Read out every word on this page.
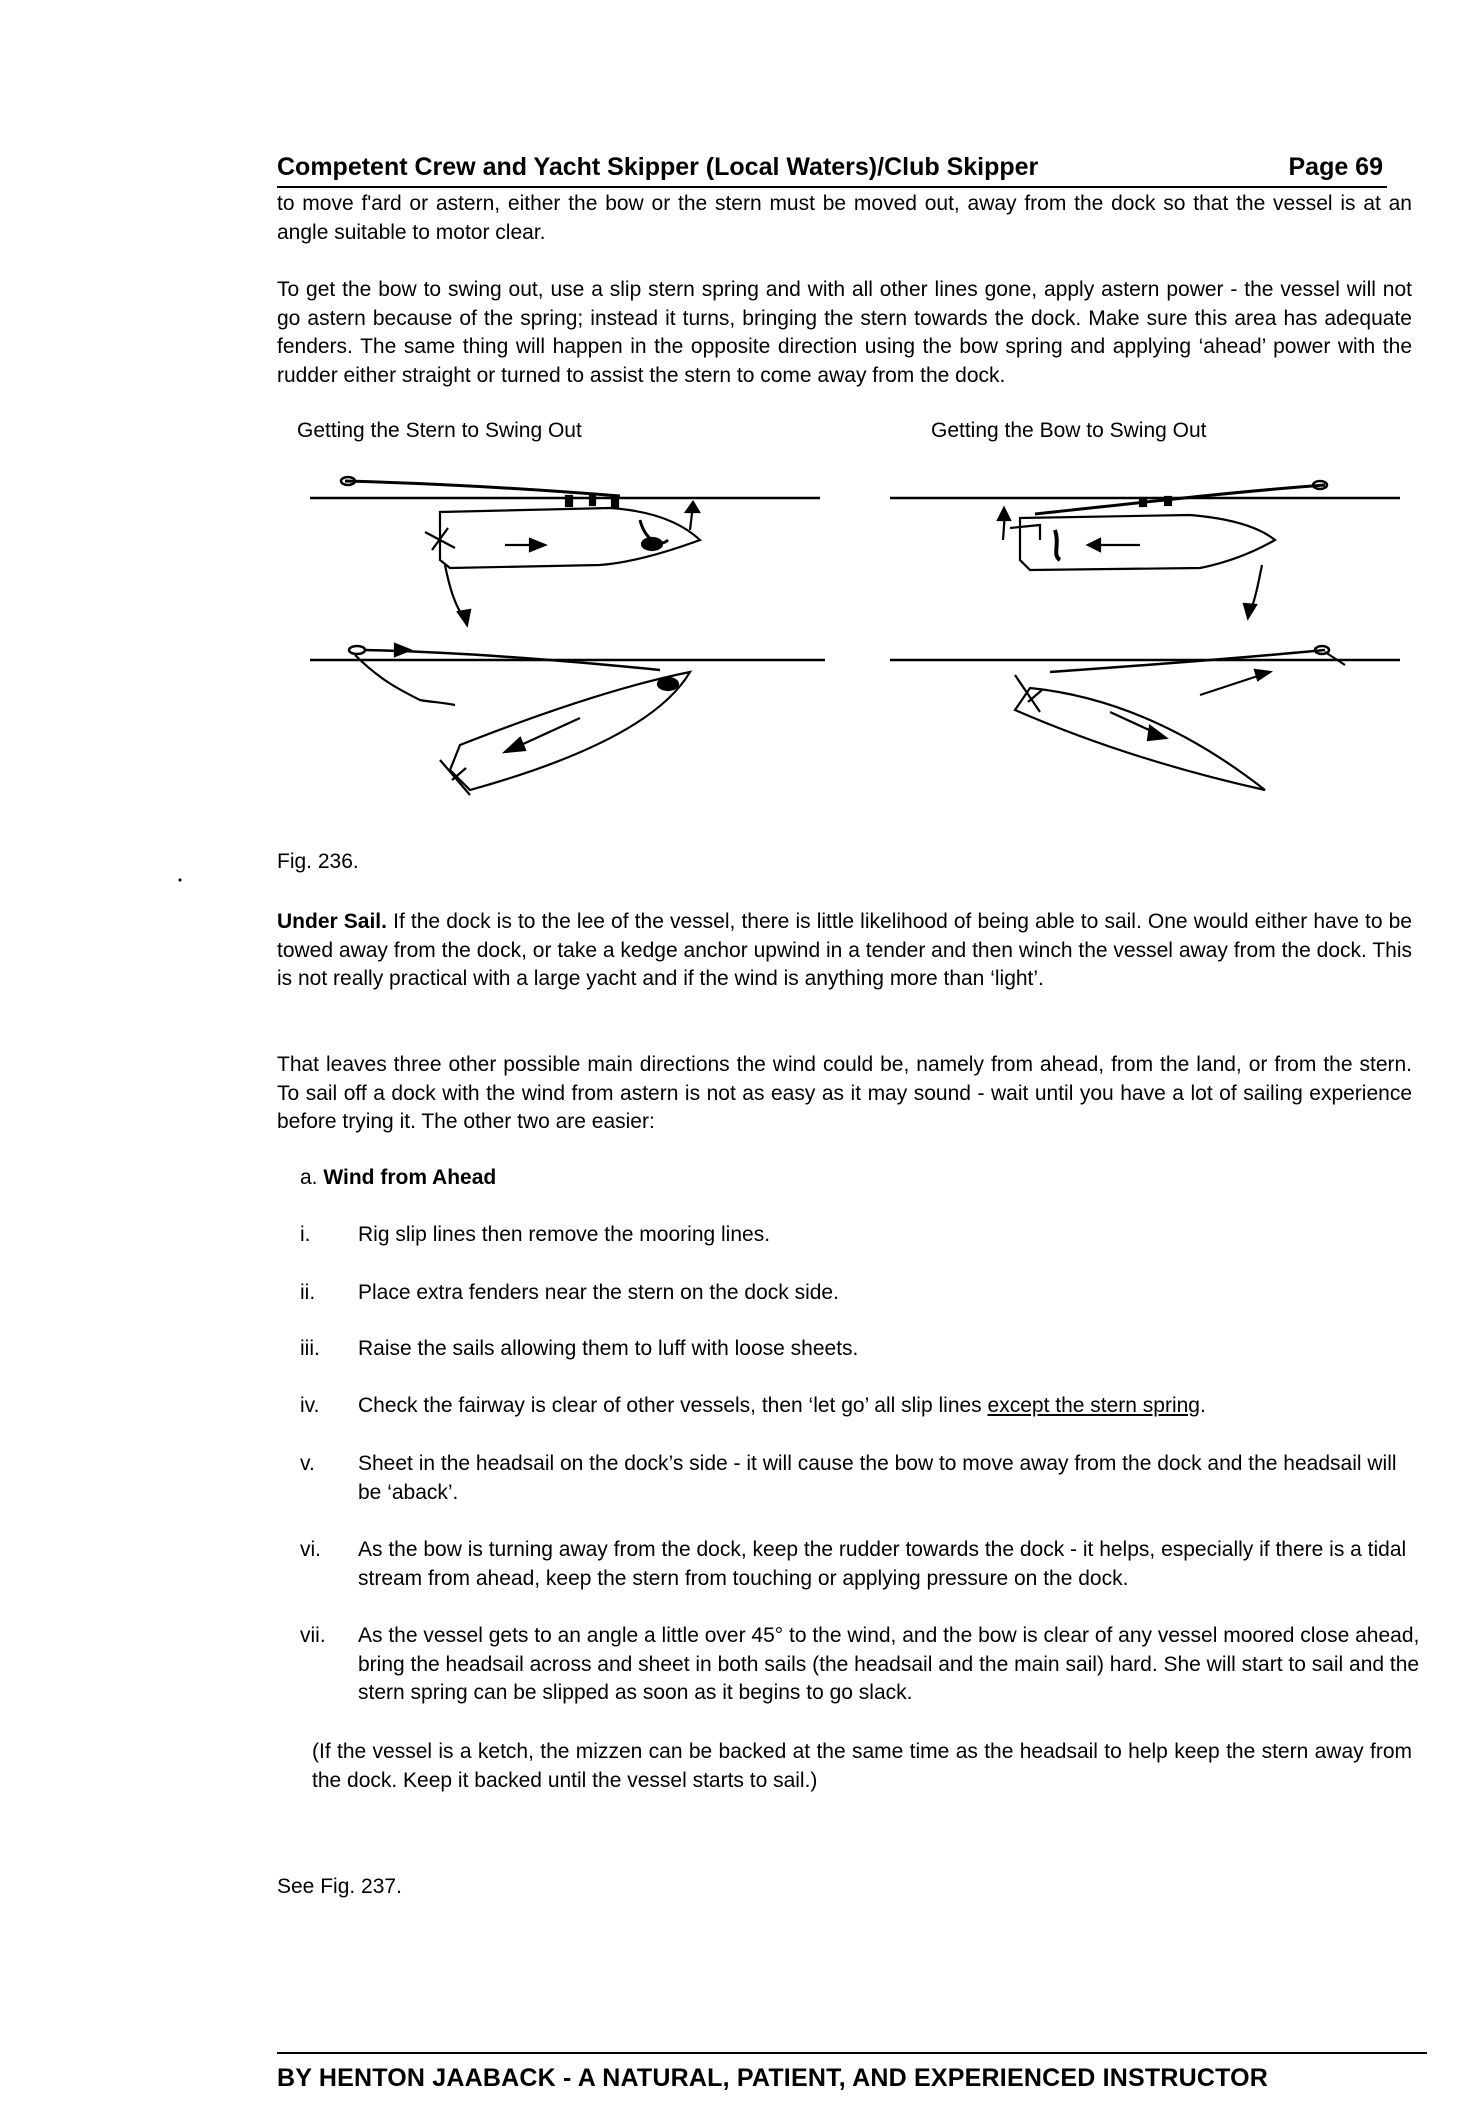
Competent Crew and Yacht Skipper (Local Waters)/Club Skipper	Page 69

to move f'ard or astern, either the bow or the stern must be moved out, away from the dock so that the vessel is at an angle suitable to motor clear.

To get the bow to swing out, use a slip stern spring and with all other lines gone, apply astern power - the vessel will not go astern because of the spring; instead it turns, bringing the stern towards the dock. Make sure this area has adequate fenders. The same thing will happen in the opposite direction using the bow spring and applying ‘ahead’ power with the rudder either straight or turned to assist the stern to come away from the dock.

Getting the Stern to Swing Out	Getting the Bow to Swing Out
Fig. 236.

Under Sail. If the dock is to the lee of the vessel, there is little likelihood of being able to sail. One would either have to be towed away from the dock, or take a kedge anchor upwind in a tender and then winch the vessel away from the dock. This is not really practical with a large yacht and if the wind is anything more than ‘light’.

That leaves three other possible main directions the wind could be, namely from ahead, from the land, or from the stern. To sail off a dock with the wind from astern is not as easy as it may sound - wait until you have a lot of sailing experience before trying it. The other two are easier:

a. Wind from Ahead
i.	Rig slip lines then remove the mooring lines.
ii.	Place extra fenders near the stern on the dock side.
iii.	Raise the sails allowing them to luff with loose sheets.
iv.	Check the fairway is clear of other vessels, then ‘let go’ all slip lines except the stern spring.
v.	Sheet in the headsail on the dock’s side - it will cause the bow to move away from the dock and the headsail will be ‘aback’.
vi.	As the bow is turning away from the dock, keep the rudder towards the dock - it helps, especially if there is a tidal stream from ahead, keep the stern from touching or applying pressure on the dock.
vii.	As the vessel gets to an angle a little over 45° to the wind, and the bow is clear of any vessel moored close ahead, bring the headsail across and sheet in both sails (the headsail and the main sail) hard. She will start to sail and the stern spring can be slipped as soon as it begins to go slack.

(If the vessel is a ketch, the mizzen can be backed at the same time as the headsail to help keep the stern away from the dock. Keep it backed until the vessel starts to sail.)

See Fig. 237.
BY HENTON JAABACK - A NATURAL, PATIENT, AND EXPERIENCED INSTRUCTOR
